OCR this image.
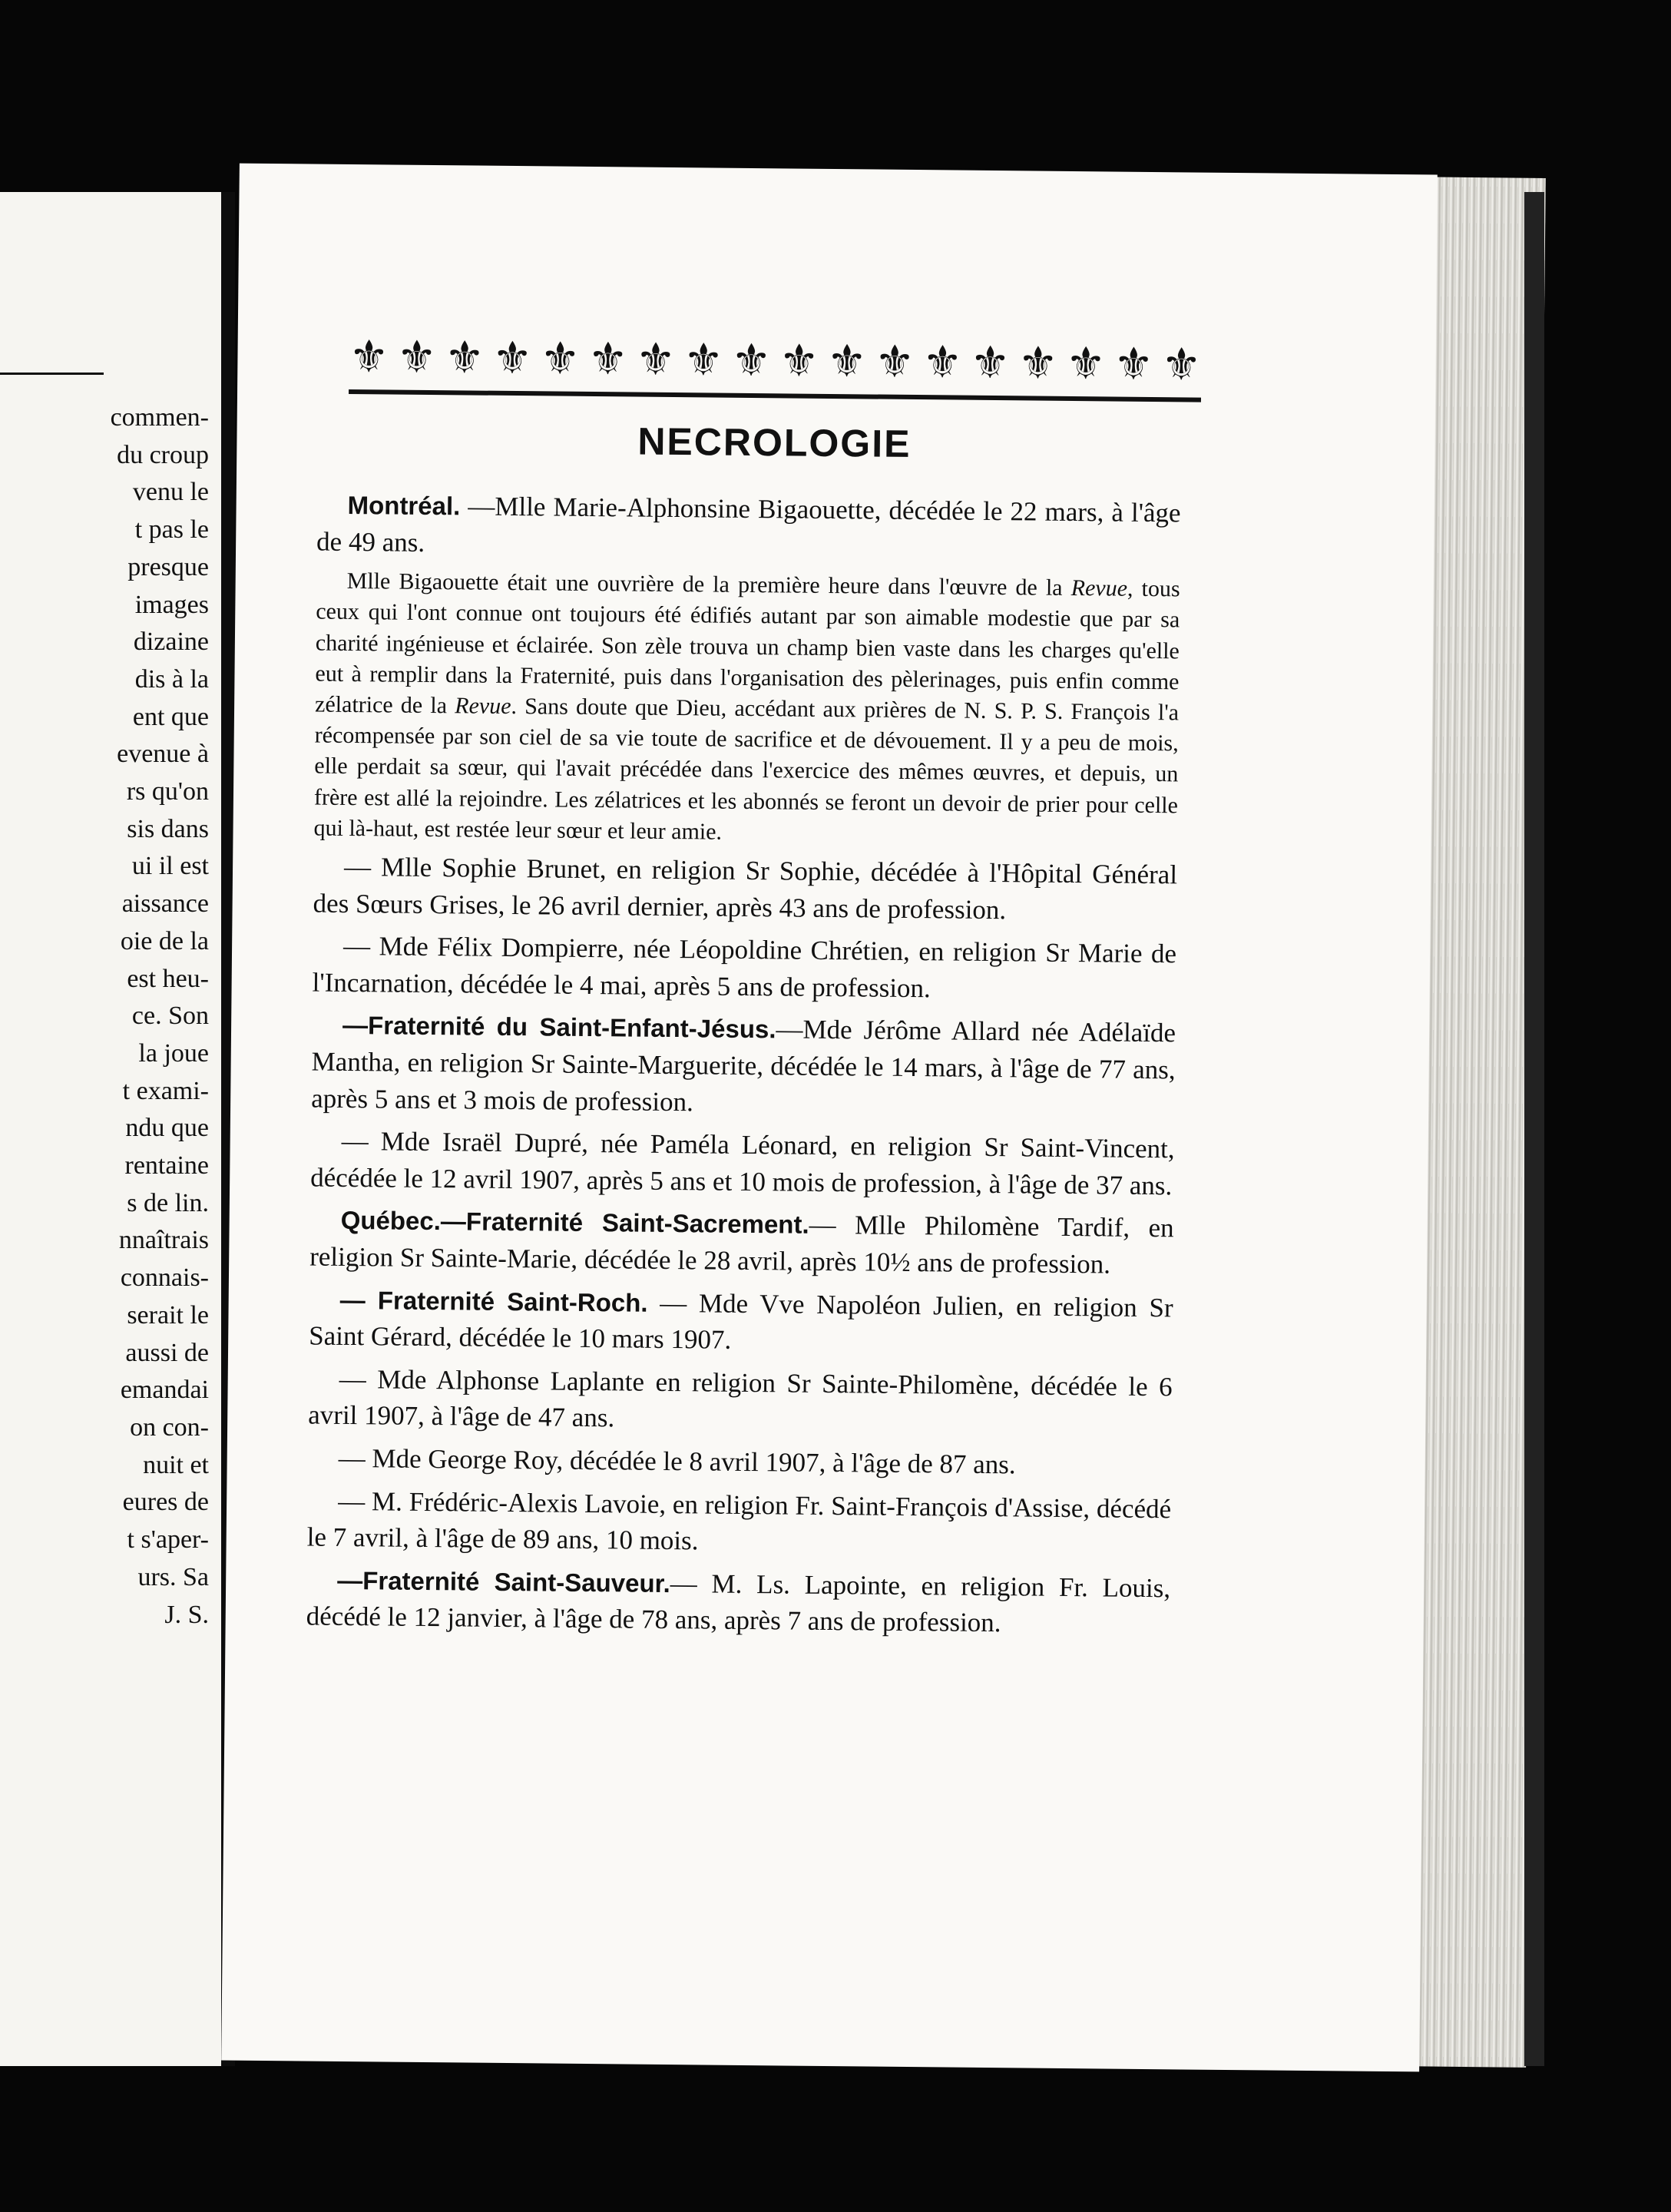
commen-
du croup
venu le
t pas le
presque
images
dizaine
dis à la
ent que
evenue à
rs qu'on
sis dans
ui il est
aissance
oie de la
est heu-
ce. Son
la joue
t exami-
ndu que
rentaine
s de lin.
nnaîtrais
connais-
serait le
aussi de
emandai
on con-
nuit et
eures de
t s'aper-
urs. Sa
J. S.
⚜ ⚜ ⚜ ⚜ ⚜ ⚜ ⚜ ⚜ ⚜ ⚜ ⚜ ⚜ ⚜ ⚜ ⚜ ⚜ ⚜ ⚜
NECROLOGIE

Montréal. —Mlle Marie-Alphonsine Bigaouette, décédée le 22 mars, à l'âge de 49 ans.

Mlle Bigaouette était une ouvrière de la première heure dans l'œuvre de la Revue, tous ceux qui l'ont connue ont toujours été édifiés autant par son aimable modestie que par sa charité ingénieuse et éclairée. Son zèle trouva un champ bien vaste dans les charges qu'elle eut à remplir dans la Fraternité, puis dans l'organisation des pèlerinages, puis enfin comme zélatrice de la Revue. Sans doute que Dieu, accédant aux prières de N. S. P. S. François l'a récompensée par son ciel de sa vie toute de sacrifice et de dévouement. Il y a peu de mois, elle perdait sa sœur, qui l'avait précédée dans l'exercice des mêmes œuvres, et depuis, un frère est allé la rejoindre. Les zélatrices et les abonnés se feront un devoir de prier pour celle qui là-haut, est restée leur sœur et leur amie.

— Mlle Sophie Brunet, en religion Sr Sophie, décédée à l'Hôpital Général des Sœurs Grises, le 26 avril dernier, après 43 ans de profession.

— Mde Félix Dompierre, née Léopoldine Chrétien, en religion Sr Marie de l'Incarnation, décédée le 4 mai, après 5 ans de profession.

—Fraternité du Saint-Enfant-Jésus.—Mde Jérôme Allard née Adélaïde Mantha, en religion Sr Sainte-Marguerite, décédée le 14 mars, à l'âge de 77 ans, après 5 ans et 3 mois de profession.

— Mde Israël Dupré, née Paméla Léonard, en religion Sr Saint-Vincent, décédée le 12 avril 1907, après 5 ans et 10 mois de profession, à l'âge de 37 ans.

Québec.—Fraternité Saint-Sacrement.— Mlle Philomène Tardif, en religion Sr Sainte-Marie, décédée le 28 avril, après 10½ ans de profession.

— Fraternité Saint-Roch. — Mde Vve Napoléon Julien, en religion Sr Saint Gérard, décédée le 10 mars 1907.

— Mde Alphonse Laplante en religion Sr Sainte-Philomène, décédée le 6 avril 1907, à l'âge de 47 ans.

— Mde George Roy, décédée le 8 avril 1907, à l'âge de 87 ans.

— M. Frédéric-Alexis Lavoie, en religion Fr. Saint-François d'Assise, décédé le 7 avril, à l'âge de 89 ans, 10 mois.

—Fraternité Saint-Sauveur.— M. Ls. Lapointe, en religion Fr. Louis, décédé le 12 janvier, à l'âge de 78 ans, après 7 ans de profession.
